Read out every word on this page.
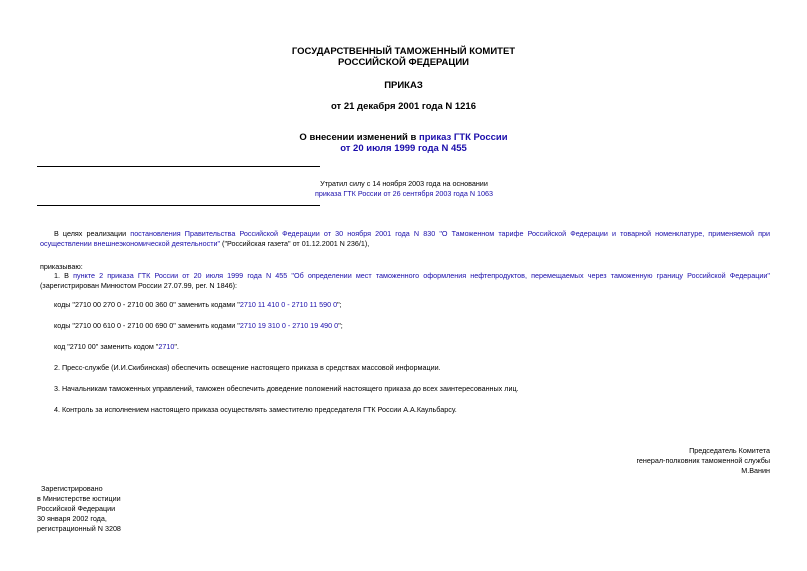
ГОСУДАРСТВЕННЫЙ ТАМОЖЕННЫЙ КОМИТЕТ
РОССИЙСКОЙ ФЕДЕРАЦИИ
ПРИКАЗ
от 21 декабря 2001 года N 1216
О внесении изменений в приказ ГТК России
от 20 июля 1999 года N 455
Утратил силу с 14 ноября 2003 года на основании
приказа ГТК России от 26 сентября 2003 года N 1063
В целях реализации постановления Правительства Российской Федерации от 30 ноября 2001 года N 830 "О Таможенном тарифе Российской Федерации и товарной номенклатуре, применяемой при осуществлении внешнеэкономической деятельности" ("Российская газета" от 01.12.2001 N 236/1),
приказываю:
1. В пункте 2 приказа ГТК России от 20 июля 1999 года N 455 "Об определении мест таможенного оформления нефтепродуктов, перемещаемых через таможенную границу Российской Федерации" (зарегистрирован Минюстом России 27.07.99, рег. N 1846):
коды "2710 00 270 0 - 2710 00 360 0" заменить кодами "2710 11 410 0 - 2710 11 590 0";
коды "2710 00 610 0 - 2710 00 690 0" заменить кодами "2710 19 310 0 - 2710 19 490 0";
код "2710 00" заменить кодом "2710".
2. Пресс-службе (И.И.Скибинская) обеспечить освещение настоящего приказа в средствах массовой информации.
3. Начальникам таможенных управлений, таможен обеспечить доведение положений настоящего приказа до всех заинтересованных лиц.
4. Контроль за исполнением настоящего приказа осуществлять заместителю председателя ГТК России А.А.Каульбарсу.
Председатель Комитета
генерал-полковник таможенной службы
М.Ванин
Зарегистрировано
в Министерстве юстиции
Российской Федерации
30 января 2002 года,
регистрационный N 3208
